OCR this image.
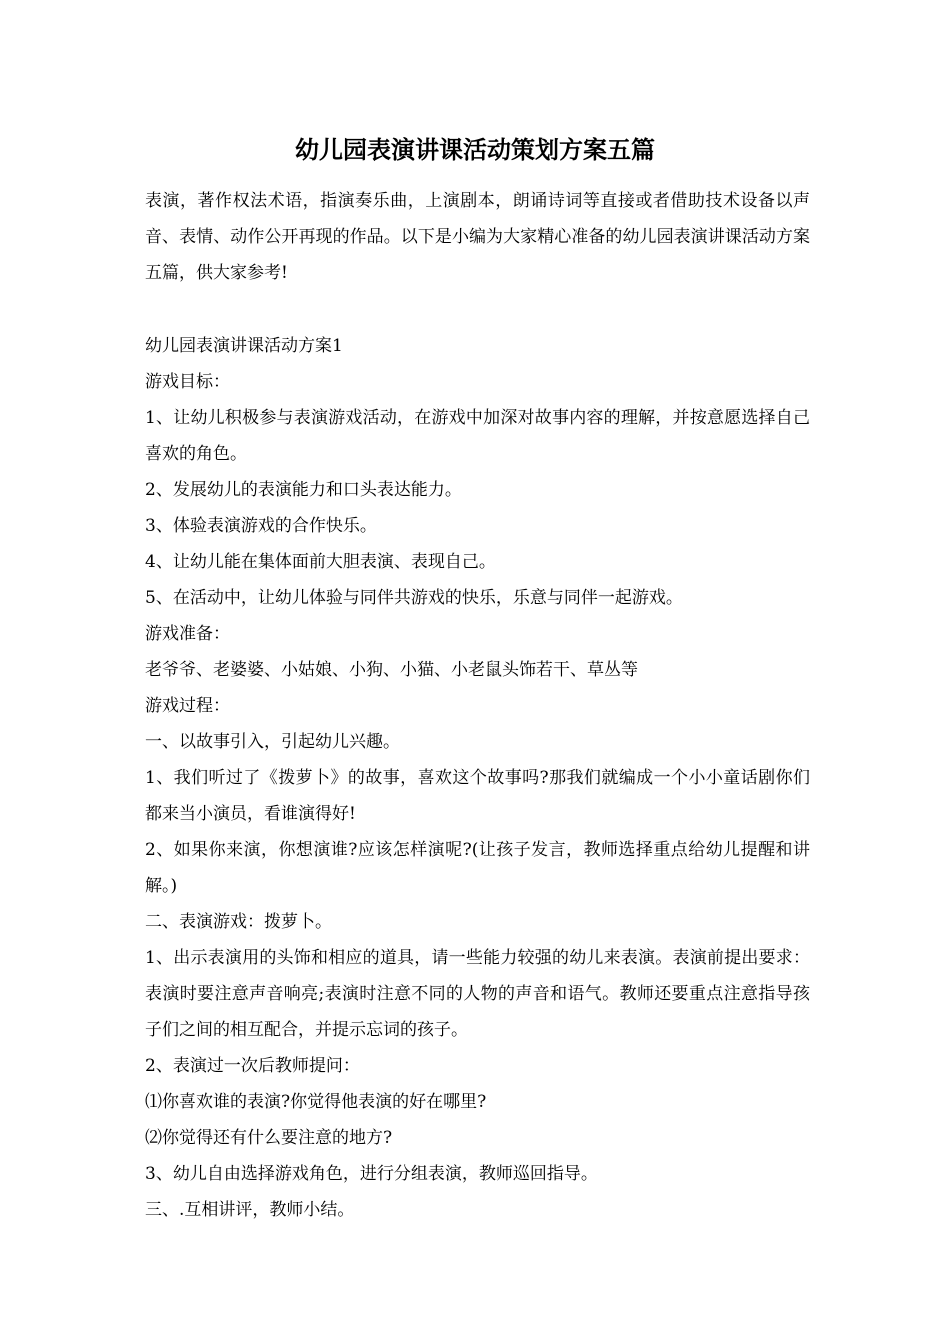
幼儿园表演讲课活动策划方案五篇

表演，著作权法术语，指演奏乐曲，上演剧本，朗诵诗词等直接或者借助技术设备以声音、表情、动作公开再现的作品。以下是小编为大家精心准备的幼儿园表演讲课活动方案五篇，供大家参考!

幼儿园表演讲课活动方案1

游戏目标：

1、让幼儿积极参与表演游戏活动，在游戏中加深对故事内容的理解，并按意愿选择自己喜欢的角色。

2、发展幼儿的表演能力和口头表达能力。

3、体验表演游戏的合作快乐。

4、让幼儿能在集体面前大胆表演、表现自己。

5、在活动中，让幼儿体验与同伴共游戏的快乐，乐意与同伴一起游戏。

游戏准备：

老爷爷、老婆婆、小姑娘、小狗、小猫、小老鼠头饰若干、草丛等

游戏过程：

一、以故事引入，引起幼儿兴趣。

1、我们听过了《拨萝卜》的故事，喜欢这个故事吗?那我们就编成一个小小童话剧你们都来当小演员，看谁演得好!

2、如果你来演，你想演谁?应该怎样演呢?(让孩子发言，教师选择重点给幼儿提醒和讲解。)

二、表演游戏：拨萝卜。

1、出示表演用的头饰和相应的道具，请一些能力较强的幼儿来表演。表演前提出要求：表演时要注意声音响亮;表演时注意不同的人物的声音和语气。教师还要重点注意指导孩子们之间的相互配合，并提示忘词的孩子。

2、表演过一次后教师提问：

⑴你喜欢谁的表演?你觉得他表演的好在哪里?

⑵你觉得还有什么要注意的地方?

3、幼儿自由选择游戏角色，进行分组表演，教师巡回指导。

三、.互相讲评，教师小结。
